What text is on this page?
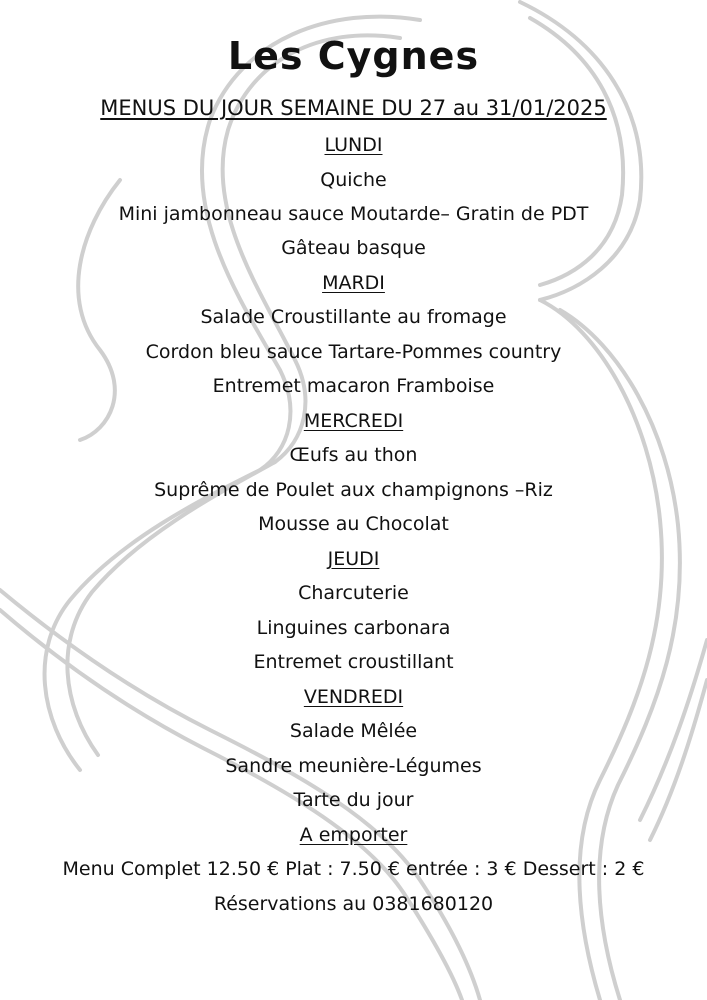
Les Cygnes
MENUS DU JOUR SEMAINE DU 27 au 31/01/2025
LUNDI
Quiche
Mini jambonneau sauce Moutarde– Gratin de PDT
Gâteau basque
MARDI
Salade Croustillante au fromage
Cordon bleu sauce Tartare-Pommes country
Entremet macaron Framboise
MERCREDI
Œufs au thon
Suprême de Poulet aux champignons –Riz
Mousse au Chocolat
JEUDI
Charcuterie
Linguines carbonara
Entremet croustillant
VENDREDI
Salade Mêlée
Sandre meunière-Légumes
Tarte du jour
A emporter
Menu Complet 12.50 € Plat : 7.50 € entrée : 3 € Dessert : 2 €
Réservations au 0381680120
